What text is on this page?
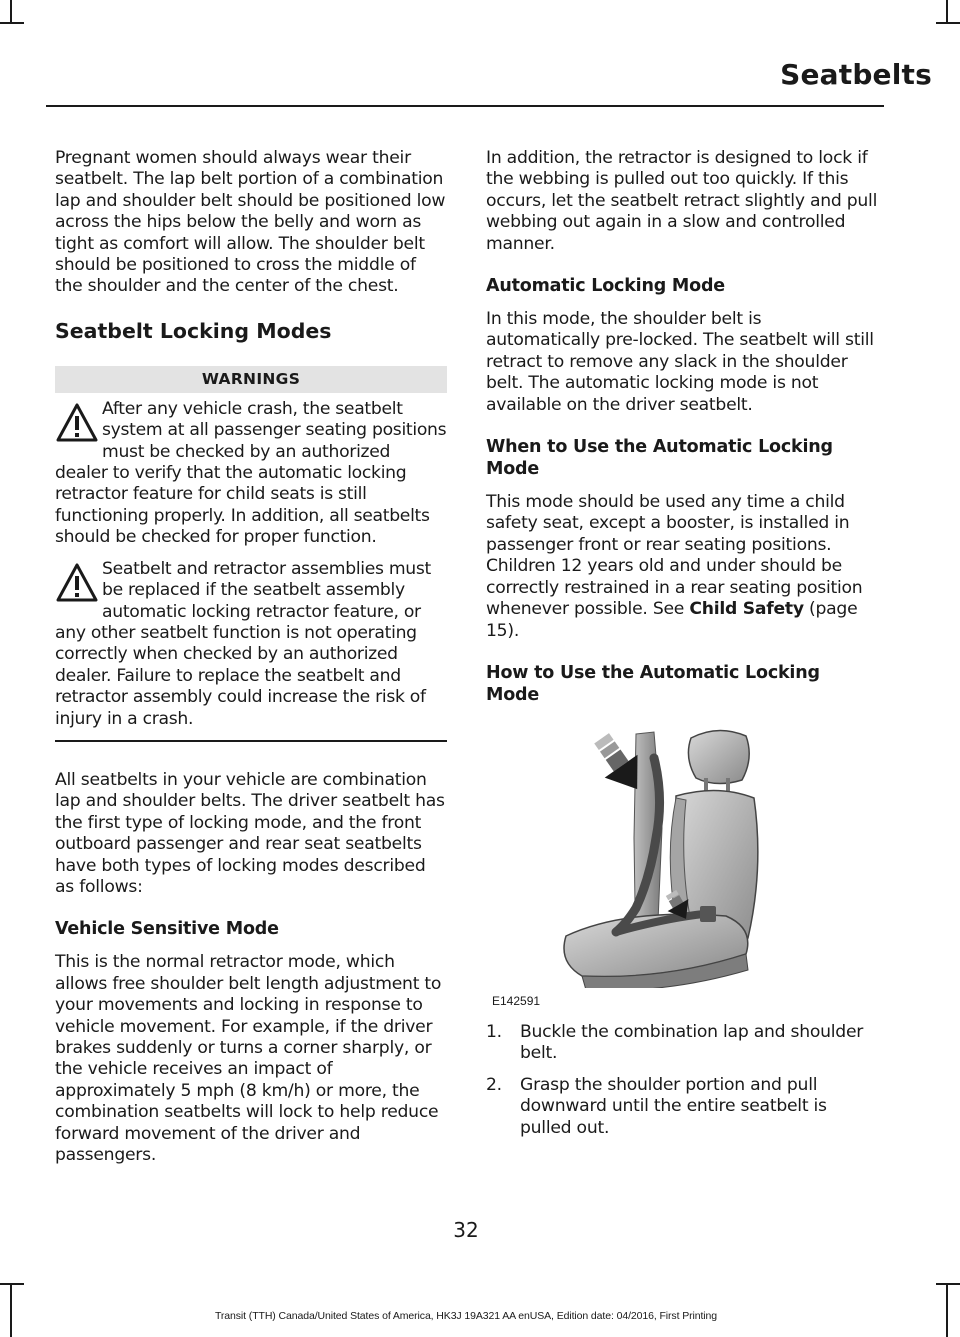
Seatbelts

Pregnant women should always wear their seatbelt. The lap belt portion of a combination lap and shoulder belt should be positioned low across the hips below the belly and worn as tight as comfort will allow. The shoulder belt should be positioned to cross the middle of the shoulder and the center of the chest.

Seatbelt Locking Modes
WARNINGS

After any vehicle crash, the seatbelt system at all passenger seating positions must be checked by an authorized dealer to verify that the automatic locking retractor feature for child seats is still functioning properly. In addition, all seatbelts should be checked for proper function.

Seatbelt and retractor assemblies must be replaced if the seatbelt assembly automatic locking retractor feature, or any other seatbelt function is not operating correctly when checked by an authorized dealer. Failure to replace the seatbelt and retractor assembly could increase the risk of injury in a crash.

All seatbelts in your vehicle are combination lap and shoulder belts. The driver seatbelt has the first type of locking mode, and the front outboard passenger and rear seat seatbelts have both types of locking modes described as follows:

Vehicle Sensitive Mode

This is the normal retractor mode, which allows free shoulder belt length adjustment to your movements and locking in response to vehicle movement. For example, if the driver brakes suddenly or turns a corner sharply, or the vehicle receives an impact of approximately 5 mph (8 km/h) or more, the combination seatbelts will lock to help reduce forward movement of the driver and passengers.

In addition, the retractor is designed to lock if the webbing is pulled out too quickly. If this occurs, let the seatbelt retract slightly and pull webbing out again in a slow and controlled manner.

Automatic Locking Mode

In this mode, the shoulder belt is automatically pre-locked. The seatbelt will still retract to remove any slack in the shoulder belt. The automatic locking mode is not available on the driver seatbelt.

When to Use the Automatic Locking Mode

This mode should be used any time a child safety seat, except a booster, is installed in passenger front or rear seating positions. Children 12 years old and under should be correctly restrained in a rear seating position whenever possible. See Child Safety (page 15).

How to Use the Automatic Locking Mode
E142591
1. Buckle the combination lap and shoulder belt.
2. Grasp the shoulder portion and pull downward until the entire seatbelt is pulled out.
32
Transit (TTH) Canada/United States of America, HK3J 19A321 AA enUSA, Edition date: 04/2016, First Printing
